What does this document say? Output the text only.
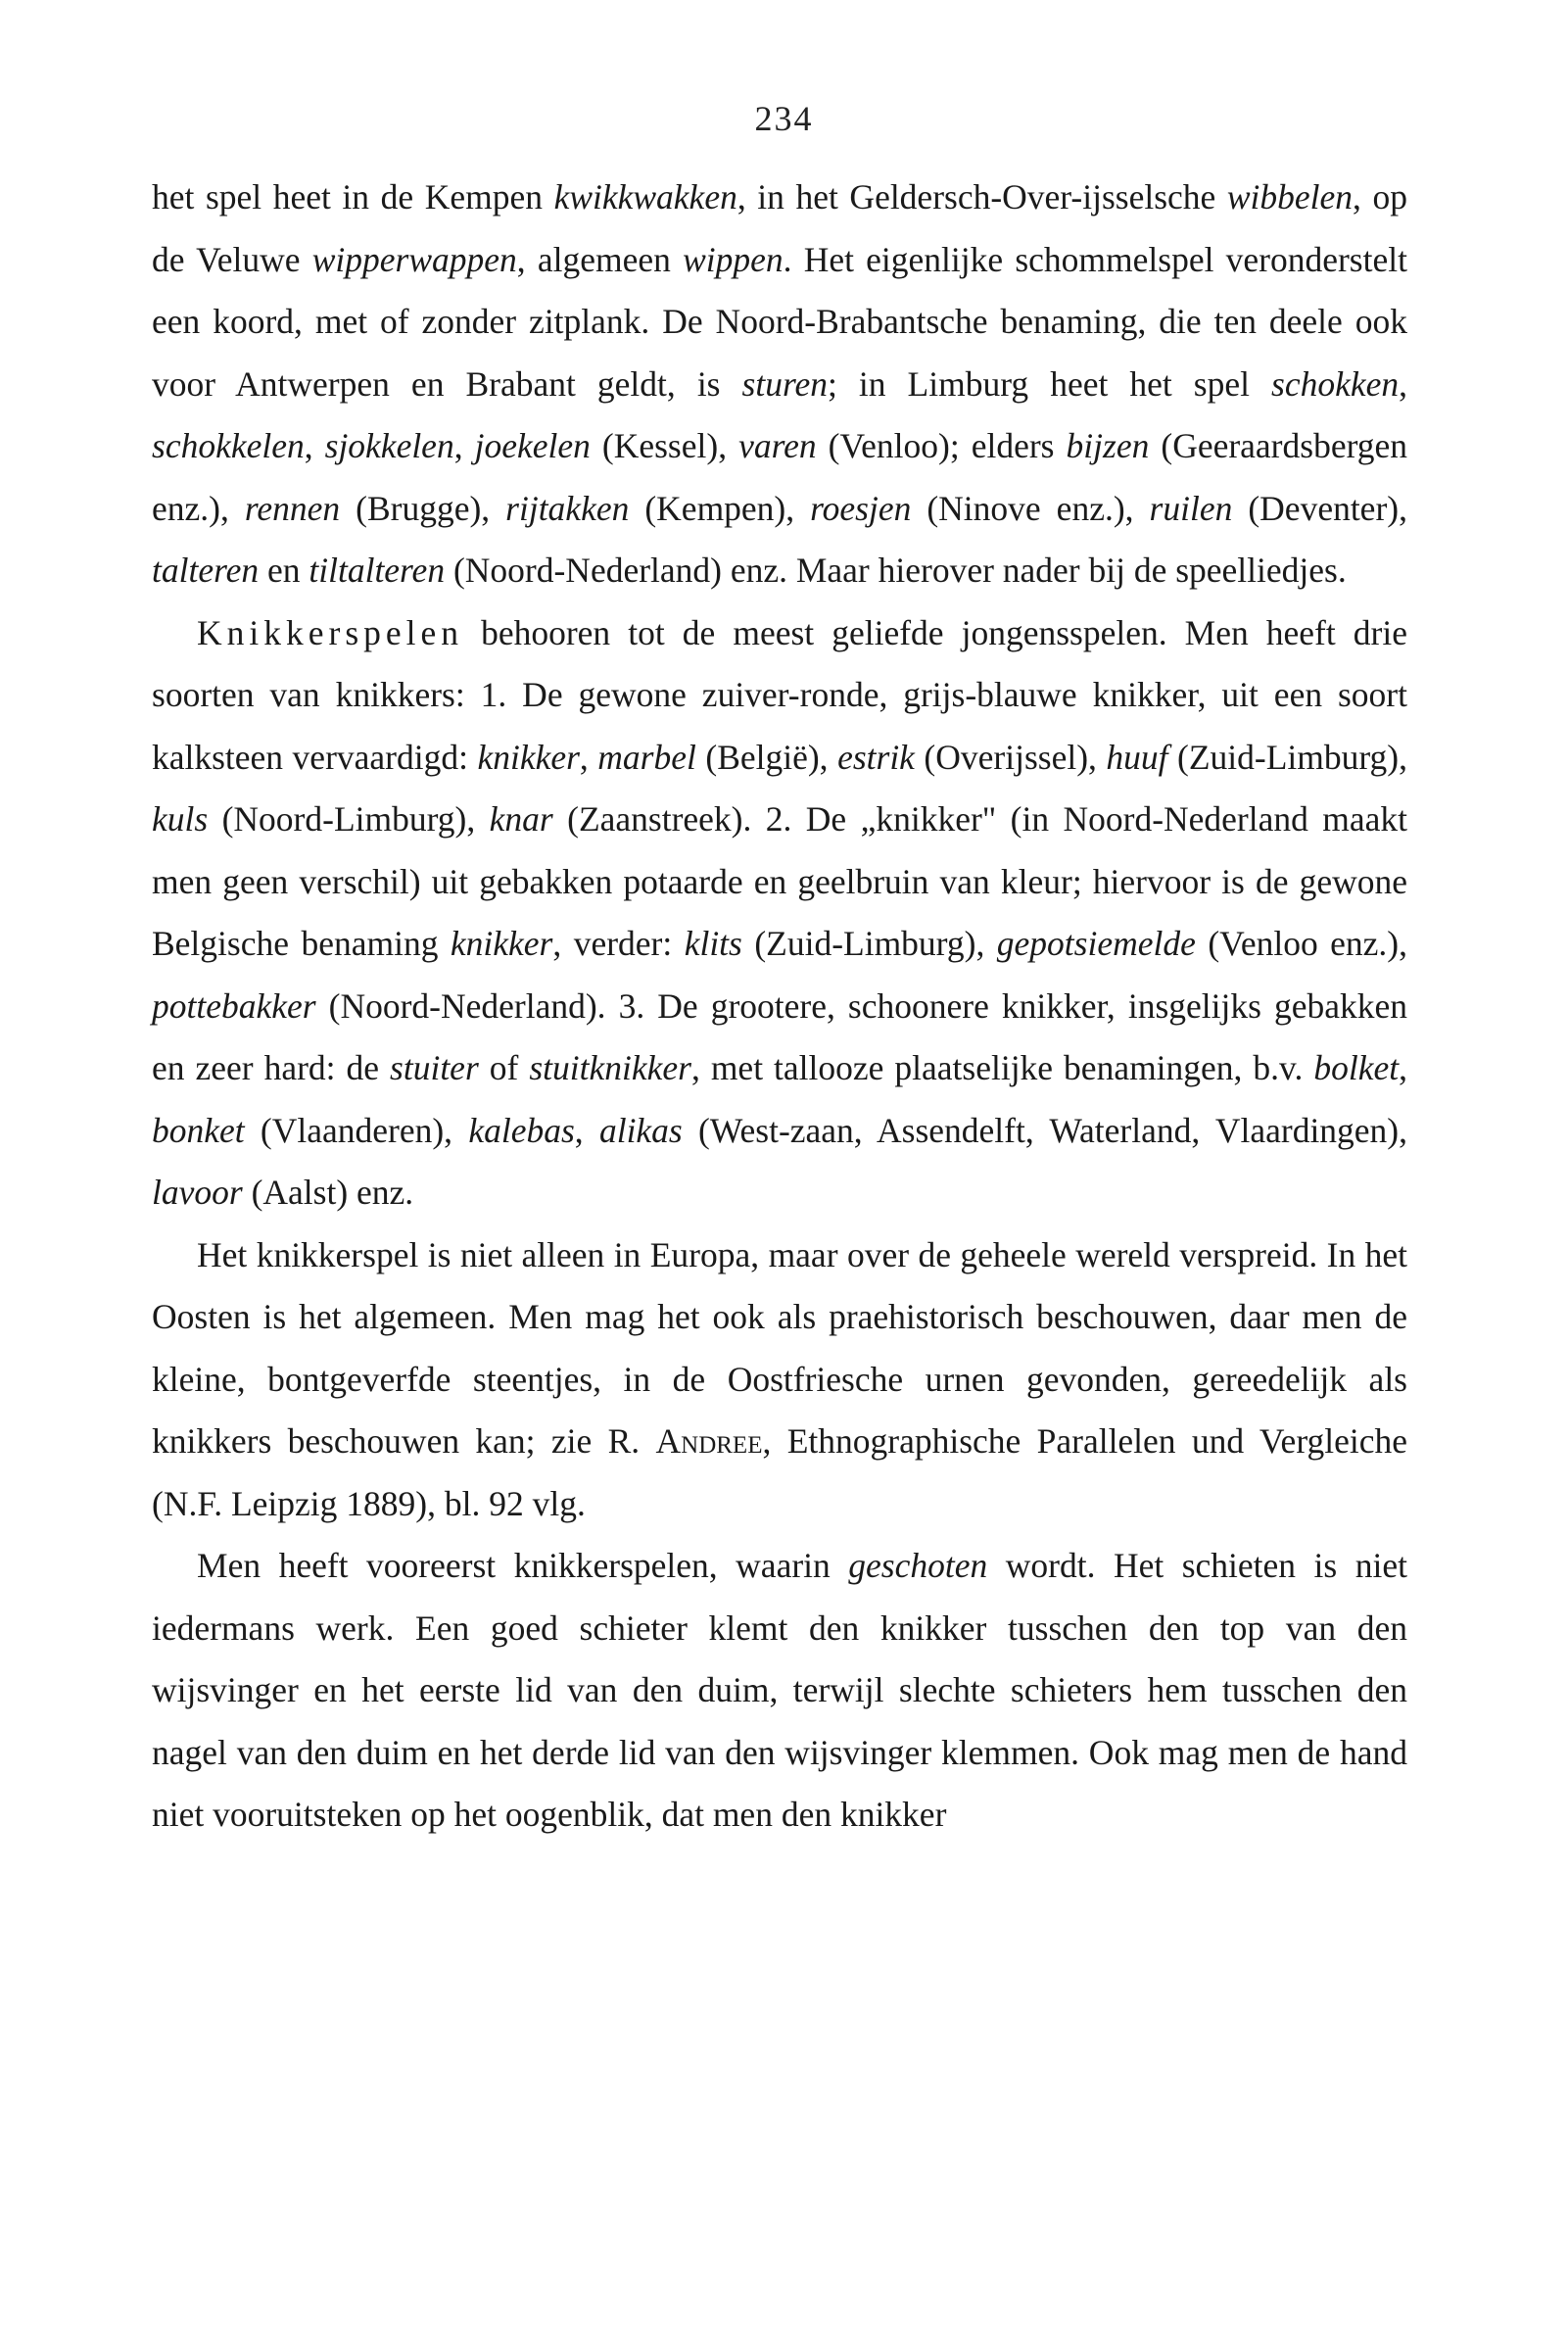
234

het spel heet in de Kempen kwikkwakken, in het Geldersch-Over-ijsselsche wibbelen, op de Veluwe wipperwappen, algemeen wippen. Het eigenlijke schommelspel veronderstelt een koord, met of zonder zitplank. De Noord-Brabantsche benaming, die ten deele ook voor Antwerpen en Brabant geldt, is sturen; in Limburg heet het spel schokken, schokkelen, sjokkelen, joekelen (Kessel), varen (Venloo); elders bijzen (Geeraardsbergen enz.), rennen (Brugge), rijtakken (Kempen), roesjen (Ninove enz.), ruilen (Deventer), talteren en tiltalteren (Noord-Nederland) enz. Maar hierover nader bij de speelliedjes.

Knikkerspelen behooren tot de meest geliefde jongensspelen. Men heeft drie soorten van knikkers: 1. De gewone zuiver-ronde, grijs-blauwe knikker, uit een soort kalksteen vervaardigd: knikker, marbel (België), estrik (Overijssel), huuf (Zuid-Limburg), kuls (Noord-Limburg), knar (Zaanstreek). 2. De „knikker" (in Noord-Nederland maakt men geen verschil) uit gebakken potaarde en geelbruin van kleur; hiervoor is de gewone Belgische benaming knikker, verder: klits (Zuid-Limburg), gepotsiemelde (Venloo enz.), pottebakker (Noord-Nederland). 3. De grootere, schoonere knikker, insgelijks gebakken en zeer hard: de stuiter of stuitknikker, met tallooze plaatselijke benamingen, b.v. bolket, bonket (Vlaanderen), kalebas, alikas (West-zaan, Assendelft, Waterland, Vlaardingen), lavoor (Aalst) enz.

Het knikkerspel is niet alleen in Europa, maar over de geheele wereld verspreid. In het Oosten is het algemeen. Men mag het ook als praehistorisch beschouwen, daar men de kleine, bontgeverfde steentjes, in de Oostfriesche urnen gevonden, gereedelijk als knikkers beschouwen kan; zie R. Andree, Ethnographische Parallelen und Vergleiche (N.F. Leipzig 1889), bl. 92 vlg.

Men heeft vooreerst knikkerspelen, waarin geschoten wordt. Het schieten is niet iedermans werk. Een goed schieter klemt den knikker tusschen den top van den wijsvinger en het eerste lid van den duim, terwijl slechte schieters hem tusschen den nagel van den duim en het derde lid van den wijsvinger klemmen. Ook mag men de hand niet vooruitsteken op het oogenblik, dat men den knikker
